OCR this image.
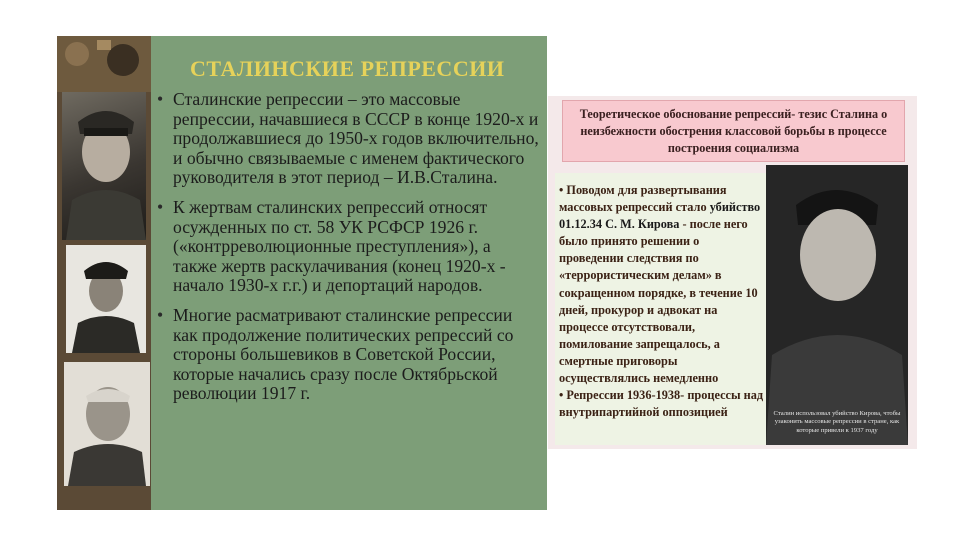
СТАЛИНСКИЕ РЕПРЕССИИ
• Сталинские репрессии – это массовые репрессии, начавшиеся в СССР в конце 1920-х и продолжавшиеся до 1950-х годов включительно, и обычно связываемые с именем фактического руководителя в этот период – И.В.Сталина.
• К жертвам сталинских репрессий относят осужденных по ст. 58 УК РСФСР 1926 г. («контрреволюционные преступления»), а также жертв раскулачивания (конец 1920-х - начало 1930-х г.г.) и депортаций народов.
• Многие расматривают сталинские репрессии как продолжение политических репрессий со стороны большевиков в Советской России, которые начались сразу после Октябрьской революции 1917 г.
Теоретическое обоснование репрессий- тезис Сталина о неизбежности обострения классовой борьбы в процессе построения социализма

• Поводом для развертывания массовых репрессий стало убийство 01.12.34 С. М. Кирова - после него было принято решении о проведении следствия по «террористическим делам» в сокращенном порядке, в течение 10 дней, прокурор и адвокат на процессе отсутствовали, помилование запрещалось, а смертные приговоры осуществлялись немедленно
• Репрессии 1936-1938- процессы над внутрипартийной оппозицией	Сталин использовал убийство Кирова, чтобы узаконить массовые репрессии в стране, как которые привели к 1937 году
